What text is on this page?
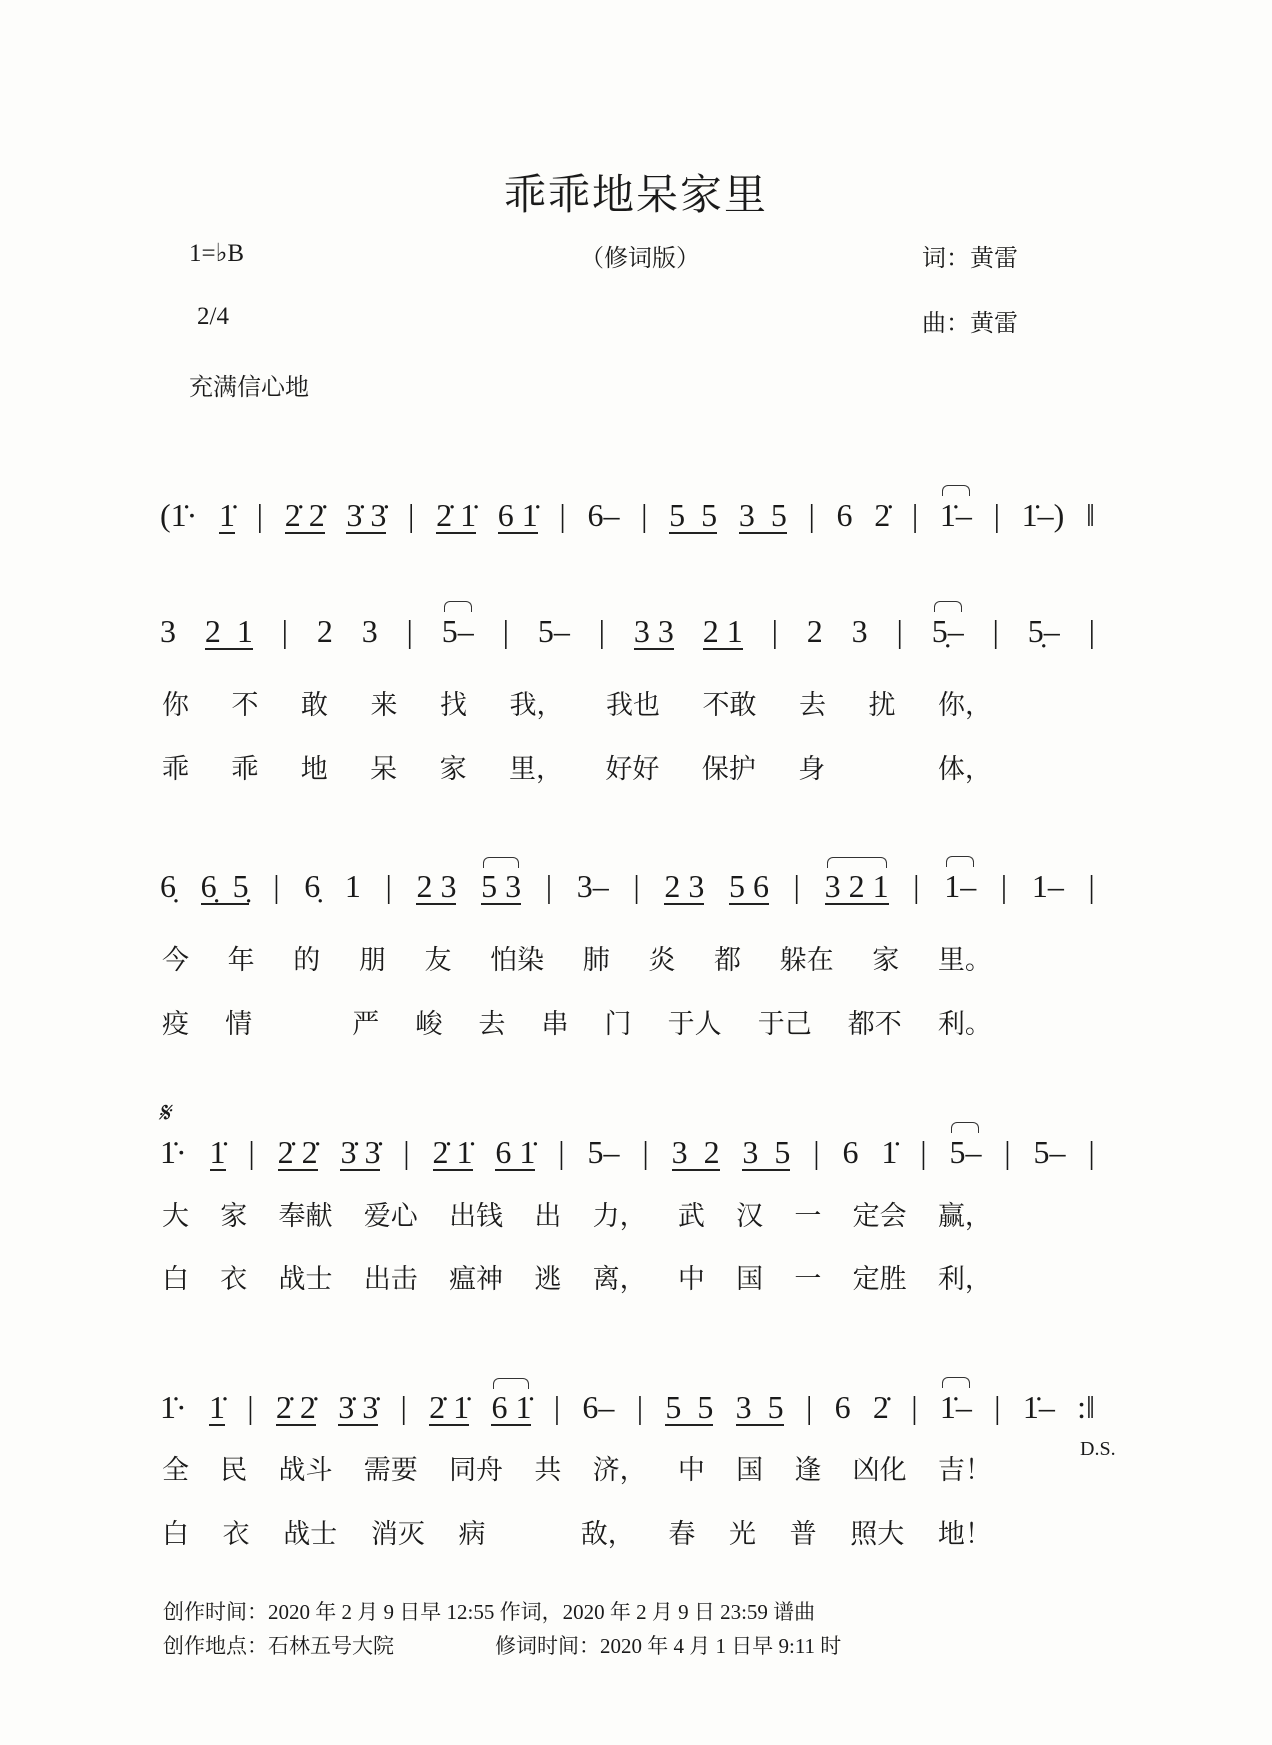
乖乖地呆家里
1=♭B
2/4
充满信心地
（修词版）	词：黄雷
曲：黄雷
𝄋
D.S.
(1̇· 1̇ | 2̇ 2̇ 3̇ 3̇ | 2̇ 1̇ 6 1̇ | 6– | 5  5 3  5 | 6 2̇ | 1̇– | 1̇–) ‖
3 2  1 | 2 3 | 5– | 5– | 3 3 2 1 | 2 3 | 5̣– | 5̣– |
你 不 敢 来 找 我， 我也 不敢 去 扰 你，
乖 乖 地 呆 家 里， 好好 保护 身	体，
6̣ 6̣  5̣ | 6̣ 1 | 2 3 5 3 | 3– | 2 3 5 6 | 3 2 1 | 1– | 1– |
今 年 的 朋 友 怕染 肺 炎 都 躲在 家 里。
疫 情	严 峻 去 串 门 于人 于己 都不 利。
1̇· 1̇ | 2̇ 2̇ 3̇ 3̇ | 2̇ 1̇ 6 1̇ | 5– | 3  2 3  5 | 6 1̇ | 5– | 5– |
大 家 奉献 爱心 出钱 出 力， 武 汉 一 定会 赢，
白 衣 战士 出击 瘟神 逃 离， 中 国 一 定胜 利，
1̇· 1̇ | 2̇ 2̇ 3̇ 3̇ | 2̇ 1̇ 6 1̇ | 6– | 5  5 3  5 | 6 2̇ | 1̇– | 1̇– :‖
全 民 战斗 需要 同舟 共 济， 中 国 逢 凶化 吉！
白 衣 战士 消灭 病	敌， 春 光 普 照大 地！
创作时间：2020 年 2 月 9 日早 12:55 作词，2020 年 2 月 9 日 23:59 谱曲
创作地点：石林五号大院	修词时间：2020 年 4 月 1 日早 9:11 时
